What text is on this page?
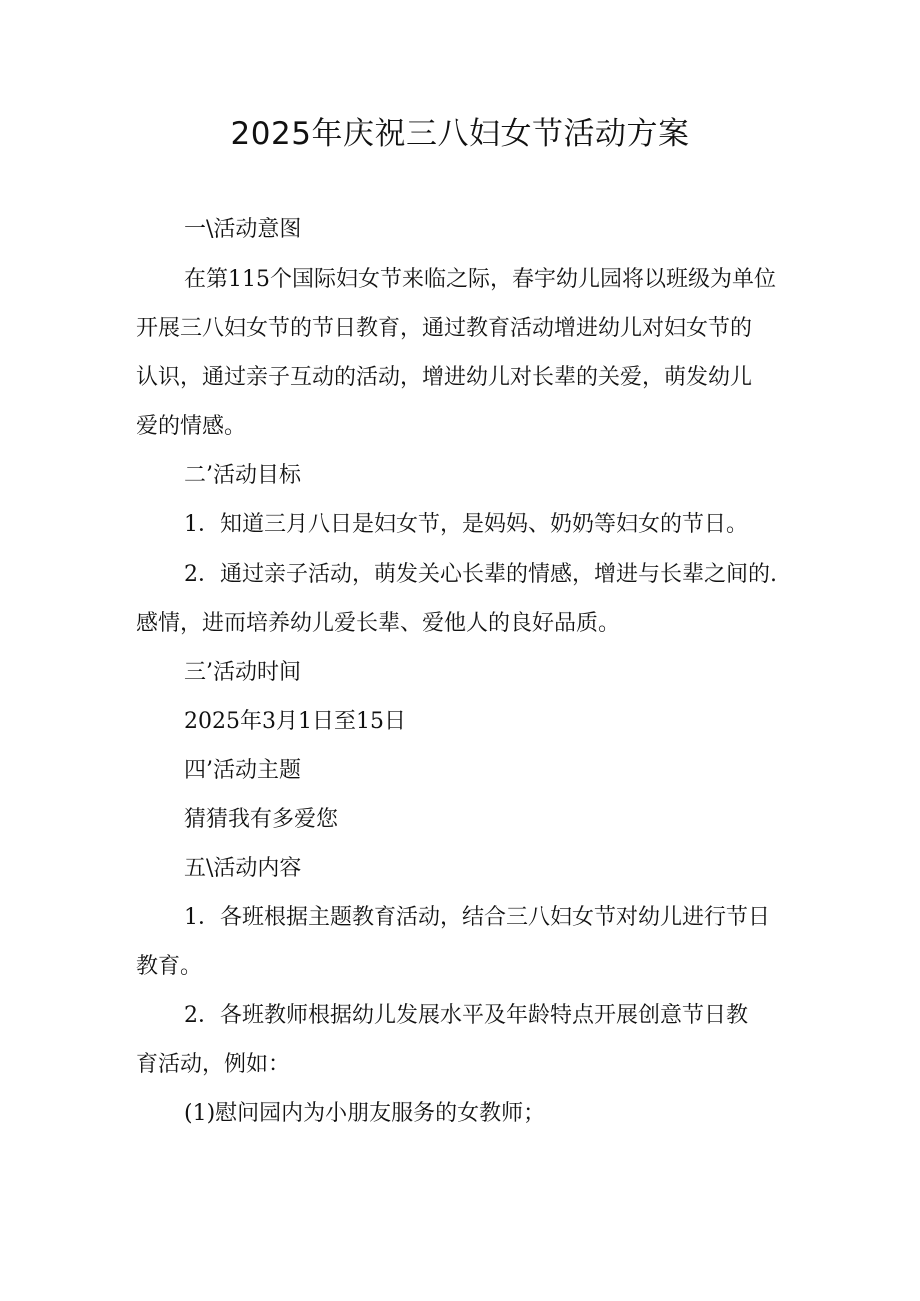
2025年庆祝三八妇女节活动方案

一\活动意图

在第115个国际妇女节来临之际，春宇幼儿园将以班级为单位

开展三八妇女节的节日教育，通过教育活动增进幼儿对妇女节的

认识，通过亲子互动的活动，增进幼儿对长辈的关爱，萌发幼儿

爱的情感。

二’活动目标

1．知道三月八日是妇女节，是妈妈、奶奶等妇女的节日。

2．通过亲子活动，萌发关心长辈的情感，增进与长辈之间的.

感情，进而培养幼儿爱长辈、爱他人的良好品质。

三’活动时间

2025年3月1日至15日

四’活动主题

猜猜我有多爱您

五\活动内容

1．各班根据主题教育活动，结合三八妇女节对幼儿进行节日

教育。

2．各班教师根据幼儿发展水平及年龄特点开展创意节日教

育活动，例如：

(1)慰问园内为小朋友服务的女教师；
